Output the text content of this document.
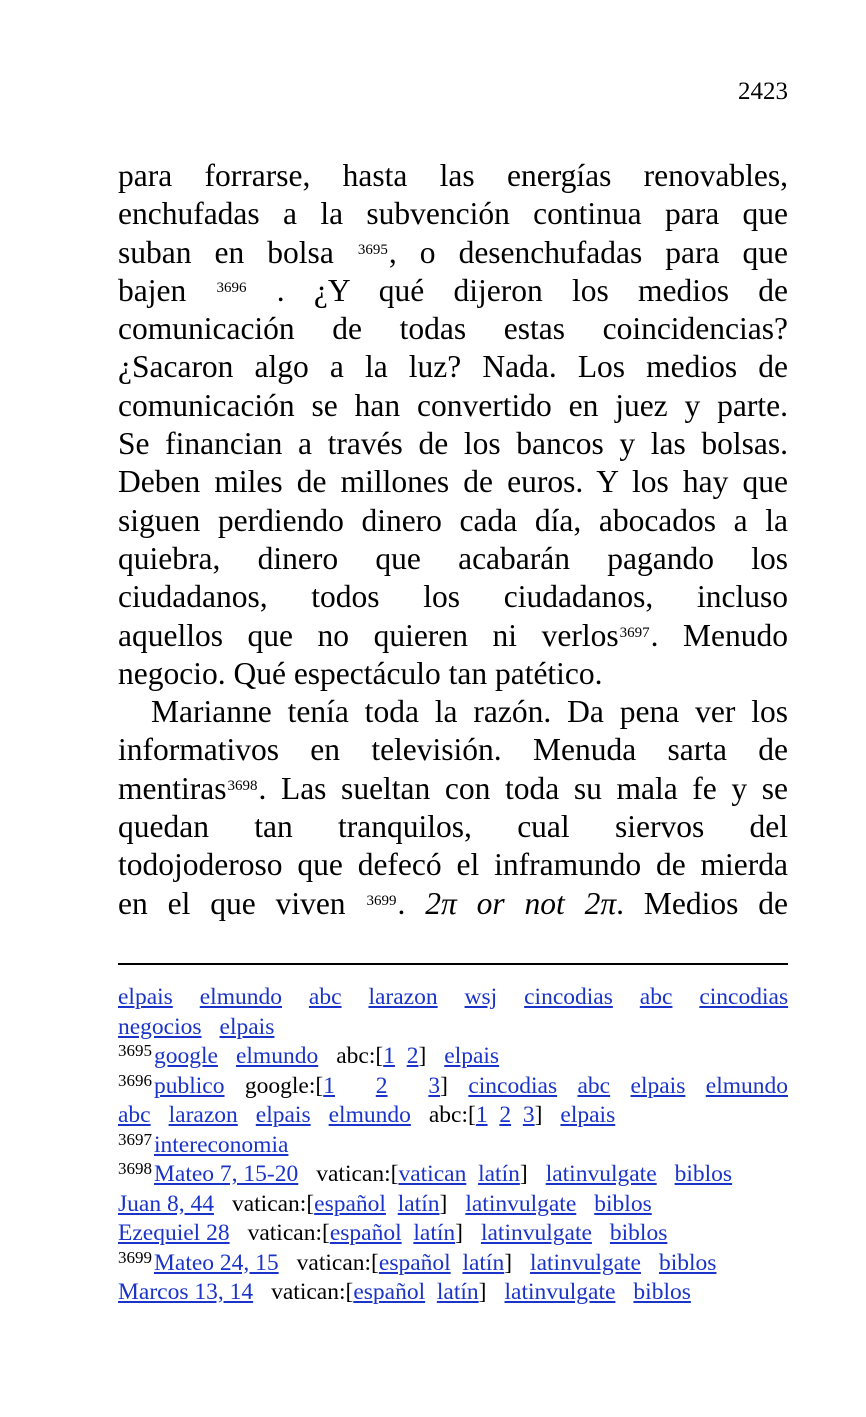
2423
para forrarse, hasta las energías renovables,
enchufadas a la subvención continua para que
suban en bolsa $^{3695}$, o desenchufadas para que
bajen $^{3696}$ . ¿Y qué dijeron los medios de
comunicación de todas estas coincidencias?
¿Sacaron algo a la luz? Nada. Los medios de
comunicación se han convertido en juez y parte.
Se financian a través de los bancos y las bolsas.
Deben miles de millones de euros. Y los hay que
siguen perdiendo dinero cada día, abocados a la
quiebra, dinero que acabarán pagando los
ciudadanos, todos los ciudadanos, incluso
aquellos que no quieren ni verlos$^{3697}$. Menudo
negocio. Qué espectáculo tan patético.
Marianne tenía toda la razón. Da pena ver los
informativos en televisión. Menuda sarta de
mentiras$^{3698}$. Las sueltan con toda su mala fe y se
quedan tan tranquilos, cual siervos del
todojoderoso que defecó el inframundo de mierda
en el que viven $^{3699}$. 2π or not 2π. Medios de
elpais elmundo abc larazon wsj cincodias abc cincodias
negocios elpais
$^{3695}$google elmundo abc:[1 2] elpais
$^{3696}$publico google:[1 2 3] cincodias abc elpais elmundo
abc larazon elpais elmundo abc:[1 2 3] elpais
$^{3697}$intereconomia
$^{3698}$Mateo 7, 15-20 vatican:[vatican latín] latinvulgate biblos
Juan 8, 44 vatican:[español latín] latinvulgate biblos
Ezequiel 28 vatican:[español latín] latinvulgate biblos
$^{3699}$Mateo 24, 15 vatican:[español latín] latinvulgate biblos
Marcos 13, 14 vatican:[español latín] latinvulgate biblos
